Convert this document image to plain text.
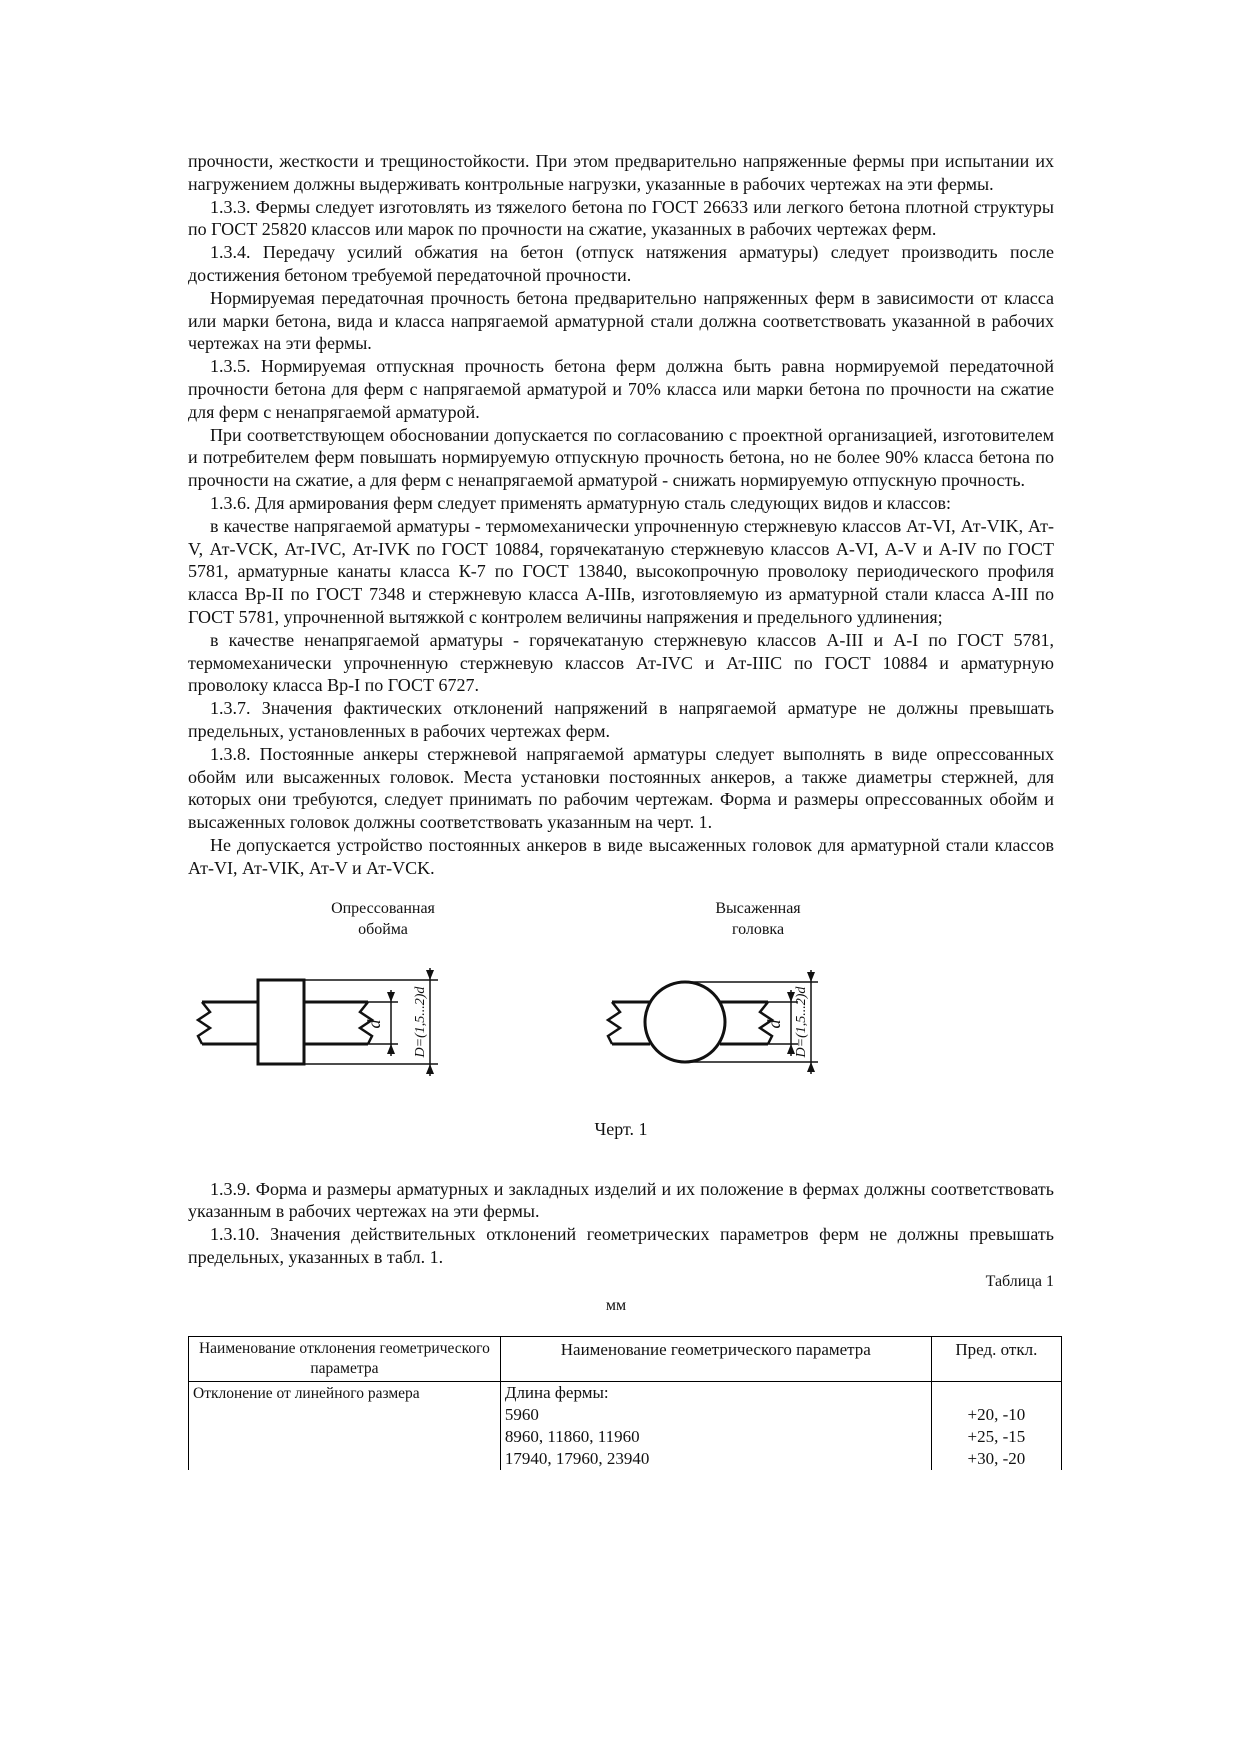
прочности, жесткости и трещиностойкости. При этом предварительно напряженные фермы при испытании их нагружением должны выдерживать контрольные нагрузки, указанные в рабочих чертежах на эти фермы.

1.3.3. Фермы следует изготовлять из тяжелого бетона по ГОСТ 26633 или легкого бетона плотной структуры по ГОСТ 25820 классов или марок по прочности на сжатие, указанных в рабочих чертежах ферм.

1.3.4. Передачу усилий обжатия на бетон (отпуск натяжения арматуры) следует производить после достижения бетоном требуемой передаточной прочности.

Нормируемая передаточная прочность бетона предварительно напряженных ферм в зависимости от класса или марки бетона, вида и класса напрягаемой арматурной стали должна соответствовать указанной в рабочих чертежах на эти фермы.

1.3.5. Нормируемая отпускная прочность бетона ферм должна быть равна нормируемой передаточной прочности бетона для ферм с напрягаемой арматурой и 70% класса или марки бетона по прочности на сжатие для ферм с ненапрягаемой арматурой.

При соответствующем обосновании допускается по согласованию с проектной организацией, изготовителем и потребителем ферм повышать нормируемую отпускную прочность бетона, но не более 90% класса бетона по прочности на сжатие, а для ферм с ненапрягаемой арматурой - снижать нормируемую отпускную прочность.

1.3.6. Для армирования ферм следует применять арматурную сталь следующих видов и классов:

в качестве напрягаемой арматуры - термомеханически упрочненную стержневую классов Ат-VI, Ат-VIK, Ат-V, Ат-VCK, Ат-IVC, Ат-IVK по ГОСТ 10884, горячекатаную стержневую классов А-VI, А-V и А-IV по ГОСТ 5781, арматурные канаты класса К-7 по ГОСТ 13840, высокопрочную проволоку периодического профиля класса Вр-II по ГОСТ 7348 и стержневую класса А-IIIв, изготовляемую из арматурной стали класса А-III по ГОСТ 5781, упрочненной вытяжкой с контролем величины напряжения и предельного удлинения;

в качестве ненапрягаемой арматуры - горячекатаную стержневую классов А-III и А-I по ГОСТ 5781, термомеханически упрочненную стержневую классов Ат-IVC и Ат-IIIC по ГОСТ 10884 и арматурную проволоку класса Вр-I по ГОСТ 6727.

1.3.7. Значения фактических отклонений напряжений в напрягаемой арматуре не должны превышать предельных, установленных в рабочих чертежах ферм.

1.3.8. Постоянные анкеры стержневой напрягаемой арматуры следует выполнять в виде опрессованных обойм или высаженных головок. Места установки постоянных анкеров, а также диаметры стержней, для которых они требуются, следует принимать по рабочим чертежам. Форма и размеры опрессованных обойм и высаженных головок должны соответствовать указанным на черт. 1.

Не допускается устройство постоянных анкеров в виде высаженных головок для арматурной стали классов Ат-VI, Ат-VIK, Ат-V и Ат-VCK.

Опрессованная
обойма
Высаженная
головка
d D=(1,5...2)d	d D=(1,5...2)d
Черт. 1

1.3.9. Форма и размеры арматурных и закладных изделий и их положение в фермах должны соответствовать указанным в рабочих чертежах на эти фермы.

1.3.10. Значения действительных отклонений геометрических параметров ферм не должны превышать предельных, указанных в табл. 1.

Таблица 1
мм
Наименование отклонения геометрического параметра	Наименование геометрического параметра	Пред. откл.
Отклонение от линейного размера	Длина фермы:	
	5960	+20, -10
	8960, 11860, 11960	+25, -15
	17940, 17960, 23940	+30, -20
